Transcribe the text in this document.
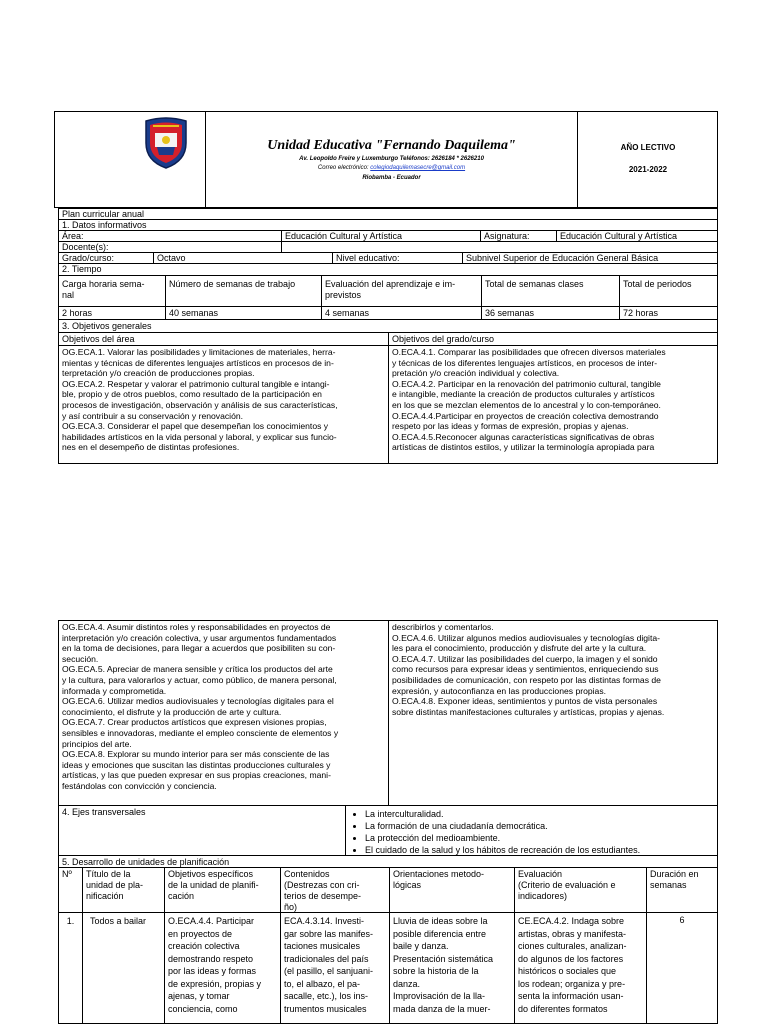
Unidad Educativa "Fernando Daquilema"
Av. Leopoldo Freire y Luxemburgo Teléfonos: 2626184 * 2626210
Correo electrónico: colegiodaquilemasecre@gmail.com
Riobamba - Ecuador
AÑO LECTIVO
2021-2022
Plan curricular anual
1. Datos informativos
Área:	Educación Cultural y Artística	Asignatura:	Educación Cultural y Artística
Docente(s):
Grado/curso:	Octavo	Nivel educativo:	Subnivel Superior de Educación General Básica
2. Tiempo
Carga horaria sema-
nal
Número de semanas de trabajo	Evaluación del aprendizaje e im-
previstos
Total de semanas clases	Total de periodos
2 horas	40 semanas	4 semanas	36 semanas	72 horas
3. Objetivos generales
Objetivos del área	Objetivos del grado/curso
OG.ECA.1. Valorar las posibilidades y limitaciones de materiales, herra-
mientas y técnicas de diferentes lenguajes artísticos en procesos de in-
terpretación y/o creación de producciones propias.
OG.ECA.2. Respetar y valorar el patrimonio cultural tangible e intangi-
ble, propio y de otros pueblos, como resultado de la participación en
procesos de investigación, observación y análisis de sus características,
y así contribuir a su conservación y renovación.
OG.ECA.3. Considerar el papel que desempeñan los conocimientos y
habilidades artísticos en la vida personal y laboral, y explicar sus funcio-
nes en el desempeño de distintas profesiones.
O.ECA.4.1. Comparar las posibilidades que ofrecen diversos materiales
y técnicas de los diferentes lenguajes artísticos, en procesos de inter-
pretación y/o creación individual y colectiva.
O.ECA.4.2. Participar en la renovación del patrimonio cultural, tangible
e intangible, mediante la creación de productos culturales y artísticos
en los que se mezclan elementos de lo ancestral y lo con-temporáneo.
O.ECA.4.4.Participar en proyectos de creación colectiva demostrando
respeto por las ideas y formas de expresión, propias y ajenas.
O.ECA.4.5.Reconocer algunas características significativas de obras
artísticas de distintos estilos, y utilizar la terminología apropiada para
OG.ECA.4. Asumir distintos roles y responsabilidades en proyectos de
interpretación y/o creación colectiva, y usar argumentos fundamentados
en la toma de decisiones, para llegar a acuerdos que posibiliten su con-
secución.
OG.ECA.5. Apreciar de manera sensible y crítica los productos del arte
y la cultura, para valorarlos y actuar, como público, de manera personal,
informada y comprometida.
OG.ECA.6. Utilizar medios audiovisuales y tecnologías digitales para el
conocimiento, el disfrute y la producción de arte y cultura.
OG.ECA.7. Crear productos artísticos que expresen visiones propias,
sensibles e innovadoras, mediante el empleo consciente de elementos y
principios del arte.
OG.ECA.8. Explorar su mundo interior para ser más consciente de las
ideas y emociones que suscitan las distintas producciones culturales y
artísticas, y las que pueden expresar en sus propias creaciones, mani-
festándolas con convicción y conciencia.
describirlos y comentarlos.
O.ECA.4.6. Utilizar algunos medios audiovisuales y tecnologías digita-
les para el conocimiento, producción y disfrute del arte y la cultura.
O.ECA.4.7. Utilizar las posibilidades del cuerpo, la imagen y el sonido
como recursos para expresar ideas y sentimientos, enriqueciendo sus
posibilidades de comunicación, con respeto por las distintas formas de
expresión, y autoconfianza en las producciones propias.
O.ECA.4.8. Exponer ideas, sentimientos y puntos de vista personales
sobre distintas manifestaciones culturales y artísticas, propias y ajenas.
4. Ejes transversales
•	La interculturalidad.
• La formación de una ciudadanía democrática.
• La protección del medioambiente.
• El cuidado de la salud y los hábitos de recreación de los estudiantes.
5. Desarrollo de unidades de planificación
Nº	Título de la
unidad de pla-
nificación
Objetivos específicos
de la unidad de planifi-
cación
Contenidos
(Destrezas con cri-
terios de desempe-
ño)
Orientaciones metodo-
lógicas
Evaluación
(Criterio de evaluación e
indicadores)
Duración en
semanas
1.	Todos a bailar	O.ECA.4.4. Participar
en proyectos de
creación colectiva
demostrando respeto
por las ideas y formas
de expresión, propias y
ajenas, y tomar
conciencia, como
ECA.4.3.14. Investi-
gar sobre las manifes-
taciones musicales
tradicionales del país
(el pasillo, el sanjuani-
to, el albazo, el pa-
sacalle, etc.), los ins-
trumentos musicales
Lluvia de ideas sobre la
posible diferencia entre
baile y danza.
Presentación sistemática
sobre la historia de la
danza.
Improvisación de la lla-
mada danza de la muer-
CE.ECA.4.2. Indaga sobre
artistas, obras y manifesta-
ciones culturales, analizan-
do algunos de los factores
históricos o sociales que
los rodean; organiza y pre-
senta la información usan-
do diferentes formatos
6
